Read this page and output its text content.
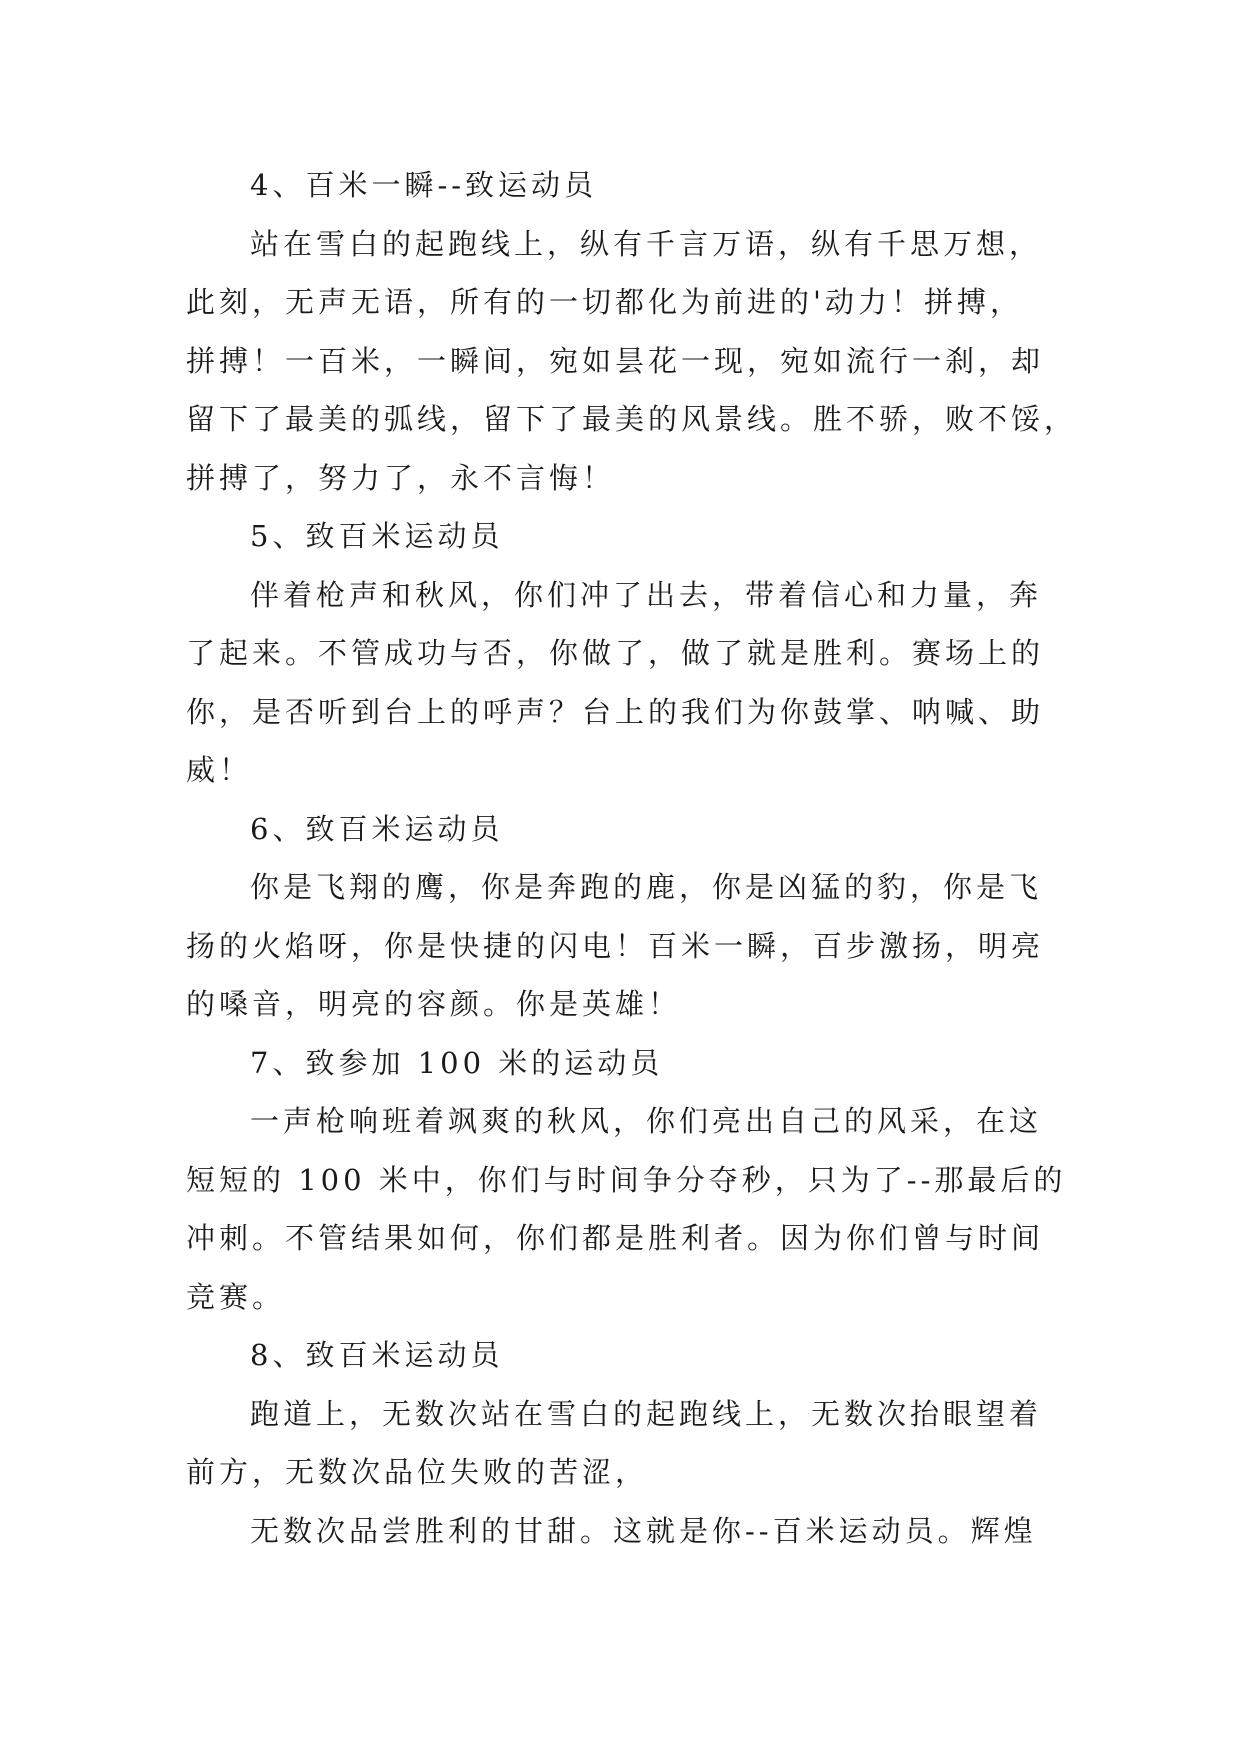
4、百米一瞬--致运动员
站在雪白的起跑线上，纵有千言万语，纵有千思万想，
此刻，无声无语，所有的一切都化为前进的'动力！拼搏，
拼搏！一百米，一瞬间，宛如昙花一现，宛如流行一刹，却
留下了最美的弧线，留下了最美的风景线。胜不骄，败不馁，
拼搏了，努力了，永不言悔！
5、致百米运动员
伴着枪声和秋风，你们冲了出去，带着信心和力量，奔
了起来。不管成功与否，你做了，做了就是胜利。赛场上的
你，是否听到台上的呼声？台上的我们为你鼓掌、呐喊、助
威！
6、致百米运动员
你是飞翔的鹰，你是奔跑的鹿，你是凶猛的豹，你是飞
扬的火焰呀，你是快捷的闪电！百米一瞬，百步激扬，明亮
的嗓音，明亮的容颜。你是英雄！
7、致参加 100 米的运动员
一声枪响班着飒爽的秋风，你们亮出自己的风采，在这
短短的 100 米中，你们与时间争分夺秒，只为了--那最后的
冲刺。不管结果如何，你们都是胜利者。因为你们曾与时间
竞赛。
8、致百米运动员
跑道上，无数次站在雪白的起跑线上，无数次抬眼望着
前方，无数次品位失败的苦涩，
无数次品尝胜利的甘甜。这就是你--百米运动员。辉煌
